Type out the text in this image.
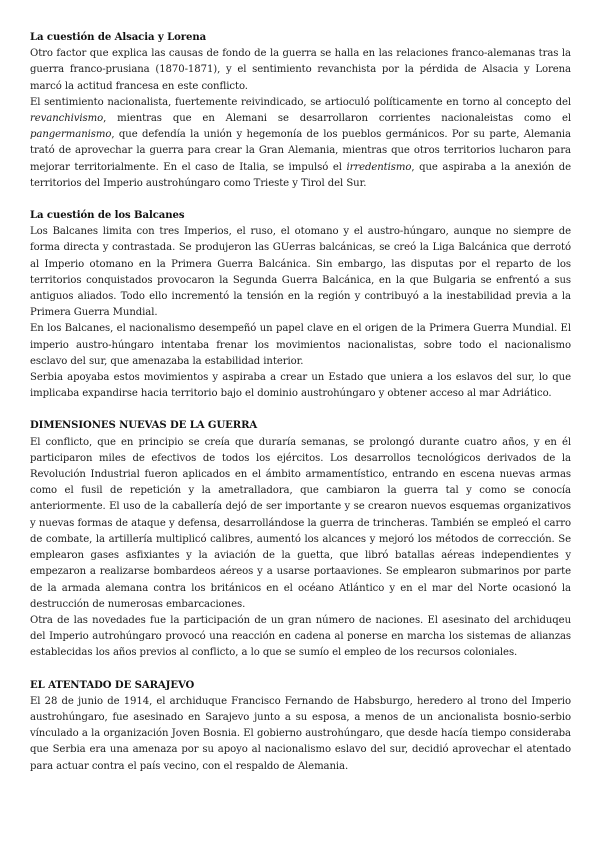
La cuestión de Alsacia y Lorena

Otro factor que explica las causas de fondo de la guerra se halla en las relaciones franco-alemanas tras la guerra franco-prusiana (1870-1871), y el sentimiento revanchista por la pérdida de Alsacia y Lorena marcó la actitud francesa en este conflicto.

El sentimiento nacionalista, fuertemente reivindicado, se artioculó políticamente en torno al concepto del revanchivismo, mientras que en Alemani se desarrollaron corrientes nacionaleistas como el pangermanismo, que defendía la unión y hegemonía de los pueblos germánicos. Por su parte, Alemania trató de aprovechar la guerra para crear la Gran Alemania, mientras que otros territorios lucharon para mejorar territorialmente. En el caso de Italia, se impulsó el irredentismo, que aspiraba a la anexión de territorios del Imperio austrohúngaro como Trieste y Tirol del Sur.

La cuestión de los Balcanes

Los Balcanes limita con tres Imperios, el ruso, el otomano y el austro-húngaro, aunque no siempre de forma directa y contrastada. Se produjeron las GUerras balcánicas, se creó la Liga Balcánica que derrotó al Imperio otomano en la Primera Guerra Balcánica. Sin embargo, las disputas por el reparto de los territorios conquistados provocaron la Segunda Guerra Balcánica, en la que Bulgaria se enfrentó a sus antiguos aliados. Todo ello incrementó la tensión en la región y contribuyó a la inestabilidad previa a la Primera Guerra Mundial.

En los Balcanes, el nacionalismo desempeñó un papel clave en el origen de la Primera Guerra Mundial. El imperio austro-húngaro intentaba frenar los movimientos nacionalistas, sobre todo el nacionalismo esclavo del sur, que amenazaba la estabilidad interior.

Serbia apoyaba estos movimientos y aspiraba a crear un Estado que uniera a los eslavos del sur, lo que implicaba expandirse hacia territorio bajo el dominio austrohúngaro y obtener acceso al mar Adriático.

DIMENSIONES NUEVAS DE LA GUERRA

El conflicto, que en principio se creía que duraría semanas, se prolongó durante cuatro años, y en él participaron miles de efectivos de todos los ejércitos. Los desarrollos tecnológicos derivados de la Revolución Industrial fueron aplicados en el ámbito armamentístico, entrando en escena nuevas armas como el fusil de repetición y la ametralladora, que cambiaron la guerra tal y como se conocía anteriormente. El uso de la caballería dejó de ser importante y se crearon nuevos esquemas organizativos y nuevas formas de ataque y defensa, desarrollándose la guerra de trincheras. También se empleó el carro de combate, la artillería multiplicó calibres, aumentó los alcances y mejoró los métodos de corrección. Se emplearon gases asfixiantes y la aviación de la guetta, que libró batallas aéreas independientes y empezaron a realizarse bombardeos aéreos y a usarse portaaviones. Se emplearon submarinos por parte de la armada alemana contra los británicos en el océano Atlántico y en el mar del Norte ocasionó la destrucción de numerosas embarcaciones.

Otra de las novedades fue la participación de un gran número de naciones. El asesinato del archiduqeu del Imperio autrohúngaro provocó una reacción en cadena al ponerse en marcha los sistemas de alianzas establecidas los años previos al conflicto, a lo que se sumío el empleo de los recursos coloniales.

EL ATENTADO DE SARAJEVO

El 28 de junio de 1914, el archiduque Francisco Fernando de Habsburgo, heredero al trono del Imperio austrohúngaro, fue asesinado en Sarajevo junto a su esposa, a menos de un ancionalista bosnio-serbio vínculado a la organización Joven Bosnia. El gobierno austrohúngaro, que desde hacía tiempo consideraba que Serbia era una amenaza por su apoyo al nacionalismo eslavo del sur, decidió aprovechar el atentado para actuar contra el país vecino, con el respaldo de Alemania.
